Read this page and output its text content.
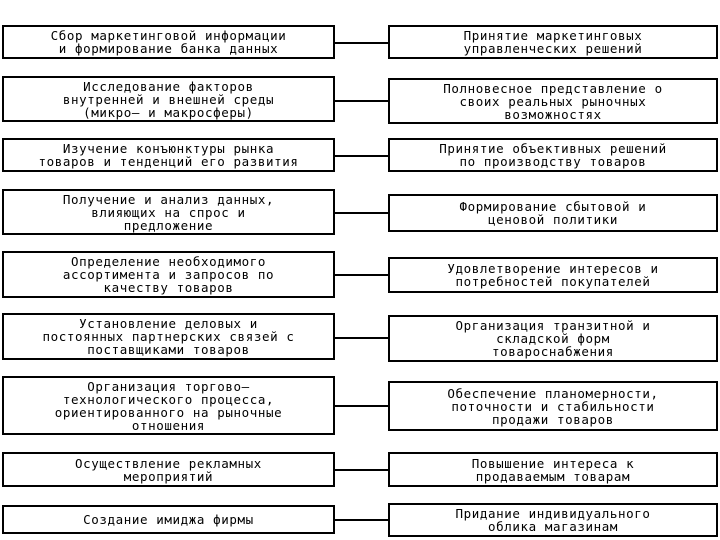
Сбор маркетинговой информации
и формирование банка данных
Принятие маркетинговых
управленческих решений
Исследование факторов
внутренней и внешней среды
(микро– и макросферы)
Полновесное представление о
своих реальных рыночных
возможностях
Изучение конъюнктуры рынка
товаров и тенденций его развития
Принятие объективных решений
по производству товаров
Получение и анализ данных,
влияющих на спрос и
предложение
Формирование сбытовой и
ценовой политики
Определение необходимого
ассортимента и запросов по
качеству товаров
Удовлетворение интересов и
потребностей покупателей
Установление деловых и
постоянных партнерских связей с
поставщиками товаров
Организация транзитной и
складской форм
товароснабжения
Организация торгово–
технологического процесса,
ориентированного на рыночные
отношения
Обеспечение планомерности,
поточности и стабильности
продажи товаров
Осуществление рекламных
мероприятий
Повышение интереса к
продаваемым товарам
Создание имиджа фирмы	Придание индивидуального
облика магазинам
